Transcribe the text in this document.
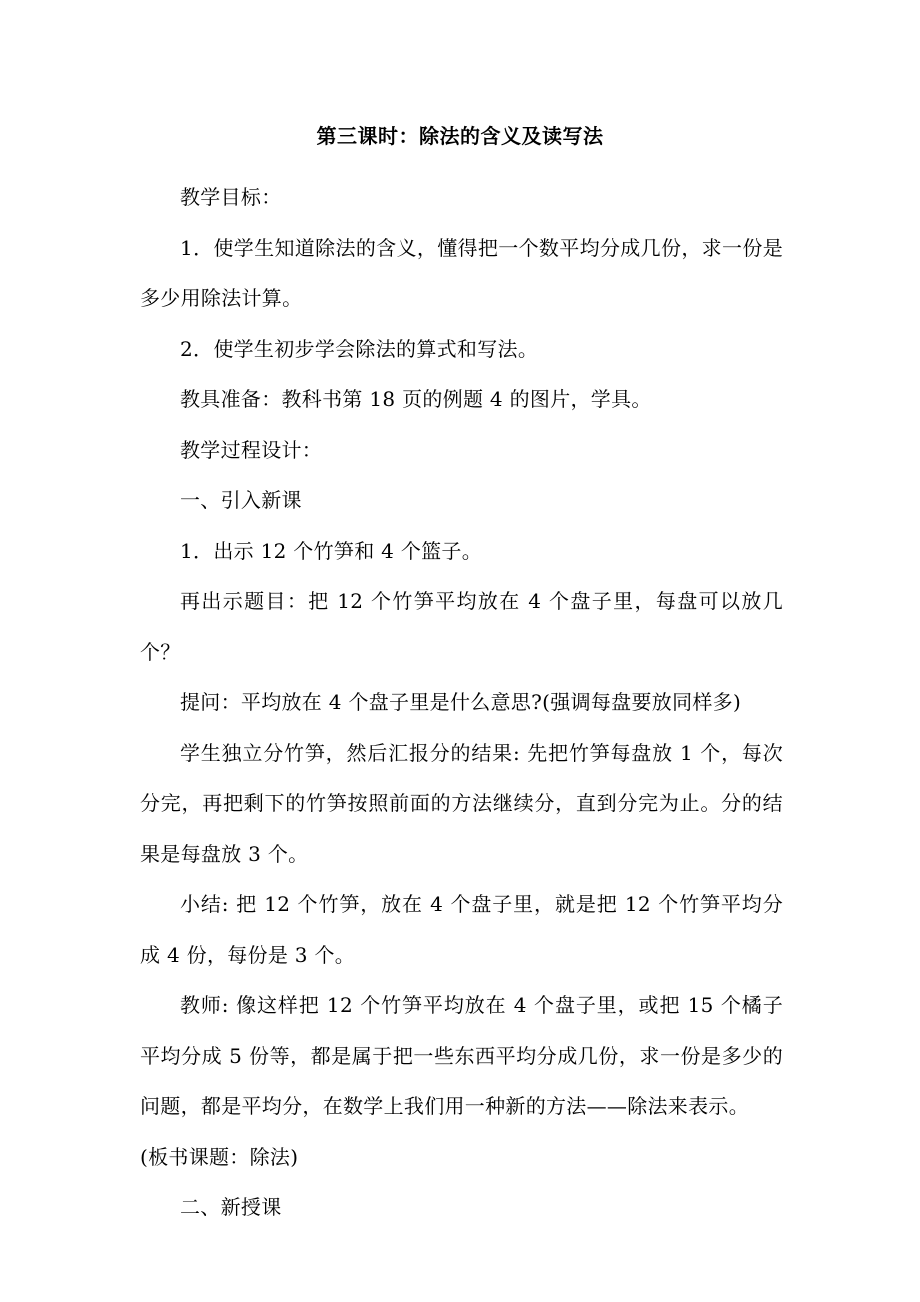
第三课时：除法的含义及读写法

教学目标：

1．使学生知道除法的含义，懂得把一个数平均分成几份，求一份是多少用除法计算。

2．使学生初步学会除法的算式和写法。

教具准备：教科书第 18 页的例题 4 的图片，学具。

教学过程设计：

一、引入新课

1．出示 12 个竹笋和 4 个篮子。

再出示题目：把 12 个竹笋平均放在 4 个盘子里，每盘可以放几个？

提问：平均放在 4 个盘子里是什么意思?(强调每盘要放同样多)

学生独立分竹笋，然后汇报分的结果: 先把竹笋每盘放 1 个，每次分完，再把剩下的竹笋按照前面的方法继续分，直到分完为止。分的结果是每盘放 3 个。

小结: 把 12 个竹笋，放在 4 个盘子里，就是把 12 个竹笋平均分成 4 份，每份是 3 个。

教师: 像这样把 12 个竹笋平均放在 4 个盘子里，或把 15 个橘子平均分成 5 份等，都是属于把一些东西平均分成几份，求一份是多少的问题，都是平均分，在数学上我们用一种新的方法——除法来表示。

(板书课题：除法)

二、新授课
